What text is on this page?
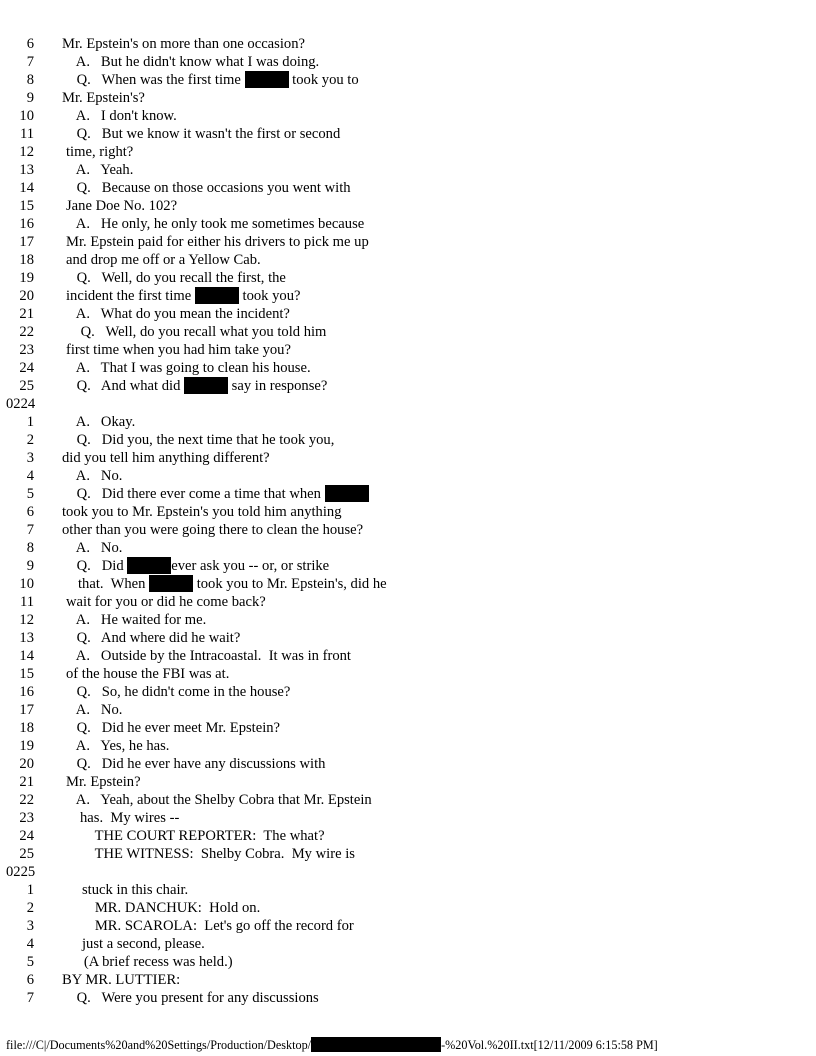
6 Mr. Epstein's on more than one occasion?
7 A.   But he didn't know what I was doing.
8 Q.   When was the first time	took you to
9 Mr. Epstein's?
10 A.   I don't know.
11 Q.   But we know it wasn't the first or second
12 time, right?
13 A.   Yeah.
14 Q.   Because on those occasions you went with
15 Jane Doe No. 102?
16 A.   He only, he only took me sometimes because
17 Mr. Epstein paid for either his drivers to pick me up
18 and drop me off or a Yellow Cab.
19 Q.   Well, do you recall the first, the
20 incident the first time	took you?
21 A.   What do you mean the incident?
22 Q.   Well, do you recall what you told him
23 first time when you had him take you?
24 A.   That I was going to clean his house.
25 Q.   And what did	say in response?
0224
1 A.   Okay.
2 Q.   Did you, the next time that he took you,
3 did you tell him anything different?
4 A.   No.
5 Q.   Did there ever come a time that when
6 took you to Mr. Epstein's you told him anything
7 other than you were going there to clean the house?
8 A.   No.
9 Q.   Did	ever ask you -- or, or strike
10	that.  When	took you to Mr. Epstein's, did he
11 wait for you or did he come back?
12 A.   He waited for me.
13 Q.   And where did he wait?
14 A.   Outside by the Intracoastal.  It was in front
15 of the house the FBI was at.
16 Q.   So, he didn't come in the house?
17 A.   No.
18 Q.   Did he ever meet Mr. Epstein?
19 A.   Yes, he has.
20 Q.   Did he ever have any discussions with
21 Mr. Epstein?
22 A.   Yeah, about the Shelby Cobra that Mr. Epstein
23	has.  My wires --
24 THE COURT REPORTER:  The what?
25 THE WITNESS:  Shelby Cobra.  My wire is
0225
1	stuck in this chair.
2 MR. DANCHUK:  Hold on.
3 MR. SCAROLA:  Let's go off the record for
4	just a second, please.
5 (A brief recess was held.)
6 BY MR. LUTTIER:
7 Q.   Were you present for any discussions
file:///C|/Documents%20and%20Settings/Production/Desktop/	-%20Vol.%20II.txt[12/11/2009 6:15:58 PM]
